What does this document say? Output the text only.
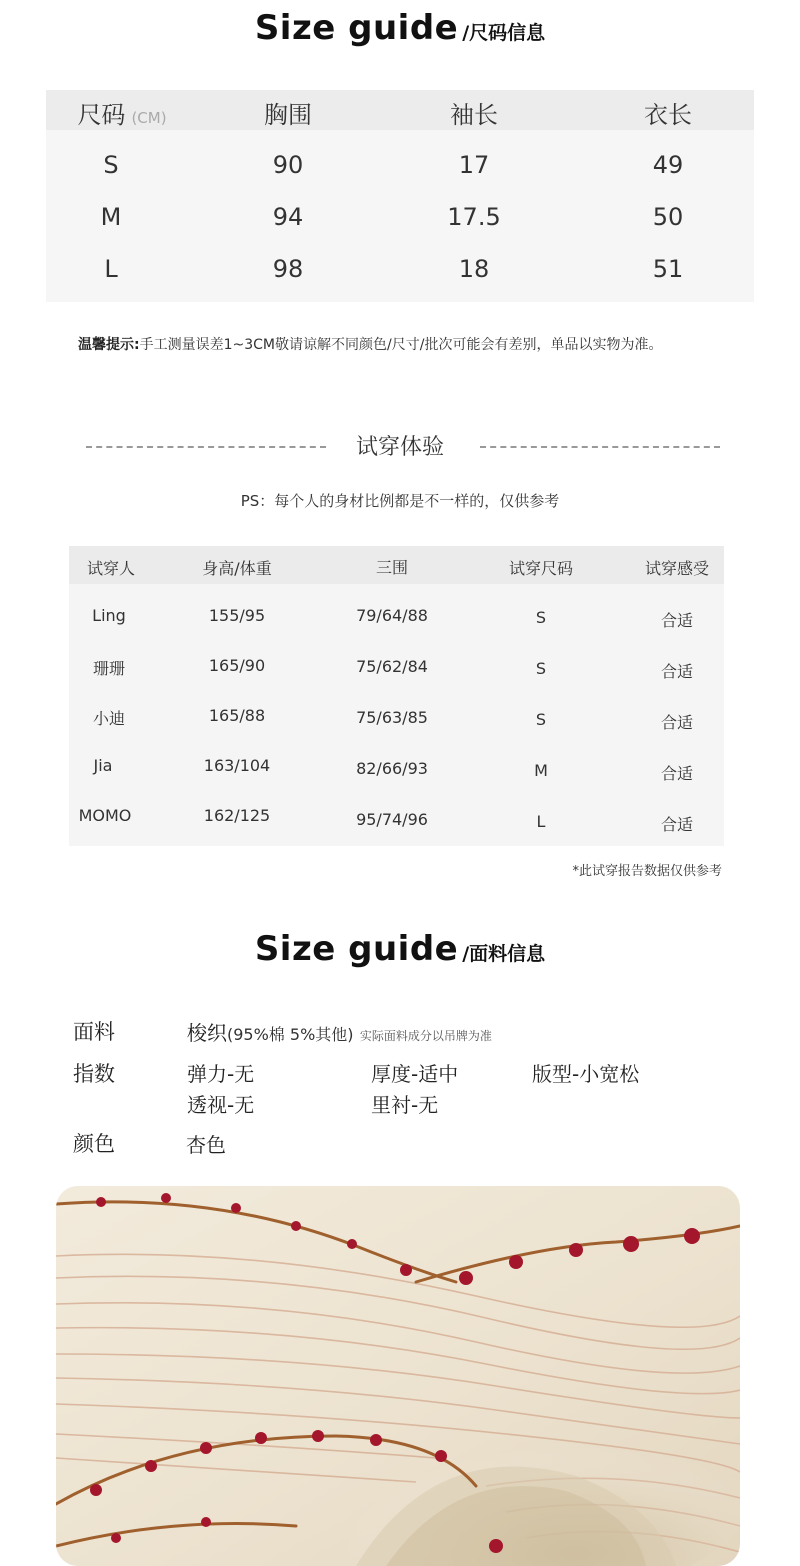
Size guide /尺码信息
尺码 (CM)	胸围	袖长	衣长
S	90	17	49
M	94	17.5	50
L	98	18	51
温馨提示:手工测量误差1~3CM敬请谅解不同颜色/尺寸/批次可能会有差别，单品以实物为准。
试穿体验
PS：每个人的身材比例都是不一样的，仅供参考
试穿人	身高/体重	三围	试穿尺码	试穿感受
Ling	155/95	79/64/88	S	合适
珊珊	165/90	75/62/84	S	合适
小迪	165/88	75/63/85	S	合适
Jia	163/104	82/66/93	M	合适
MOMO	162/125	95/74/96	L	合适
*此试穿报告数据仅供参考
Size guide /面料信息
面料	梭织(95%棉 5%其他) 实际面料成分以吊牌为准
指数	弹力-无	厚度-适中	版型-小宽松
透视-无	里衬-无
颜色	杏色
